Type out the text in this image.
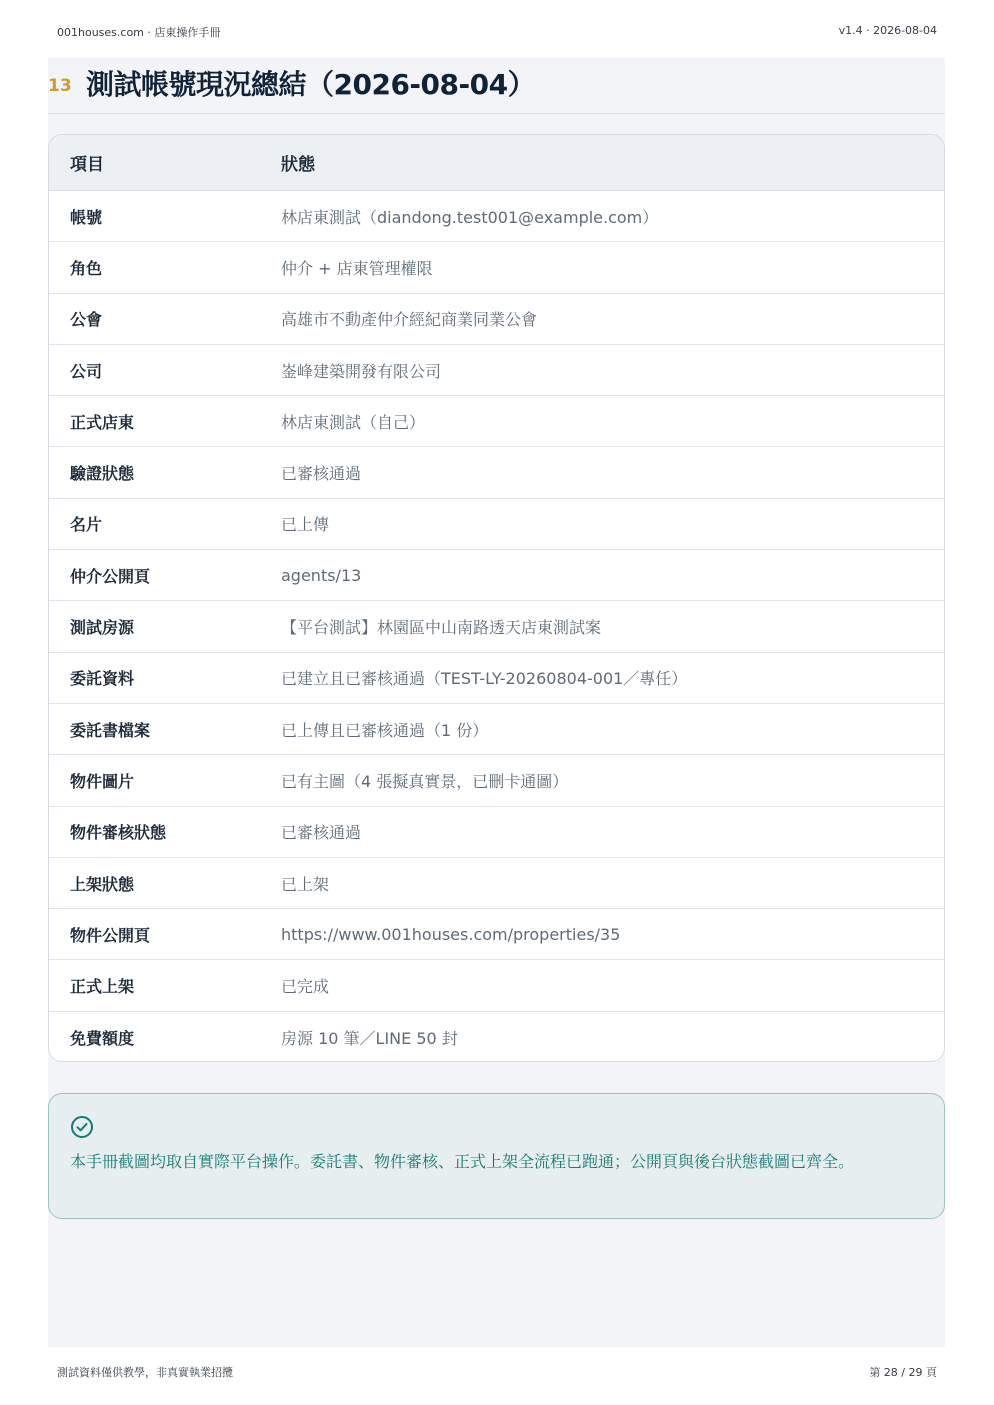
001houses.com · 店東操作手冊	v1.4 · 2026-08-04
13 測試帳號現況總結（2026-08-04）
項目	狀態
帳號	林店東測試（diandong.test001@example.com）
角色	仲介 + 店東管理權限
公會	高雄市不動產仲介經紀商業同業公會
公司	崟峰建築開發有限公司
正式店東	林店東測試（自己）
驗證狀態	已審核通過
名片	已上傳
仲介公開頁	agents/13
測試房源	【平台測試】林園區中山南路透天店東測試案
委託資料	已建立且已審核通過（TEST-LY-20260804-001／專任）
委託書檔案	已上傳且已審核通過（1 份）
物件圖片	已有主圖（4 張擬真實景，已刪卡通圖）
物件審核狀態	已審核通過
上架狀態	已上架
物件公開頁	https://www.001houses.com/properties/35
正式上架	已完成
免費額度	房源 10 筆／LINE 50 封

本手冊截圖均取自實際平台操作。委託書、物件審核、正式上架全流程已跑通；公開頁與後台狀態截圖已齊全。

測試資料僅供教學，非真實執業招攬	第 28 / 29 頁
